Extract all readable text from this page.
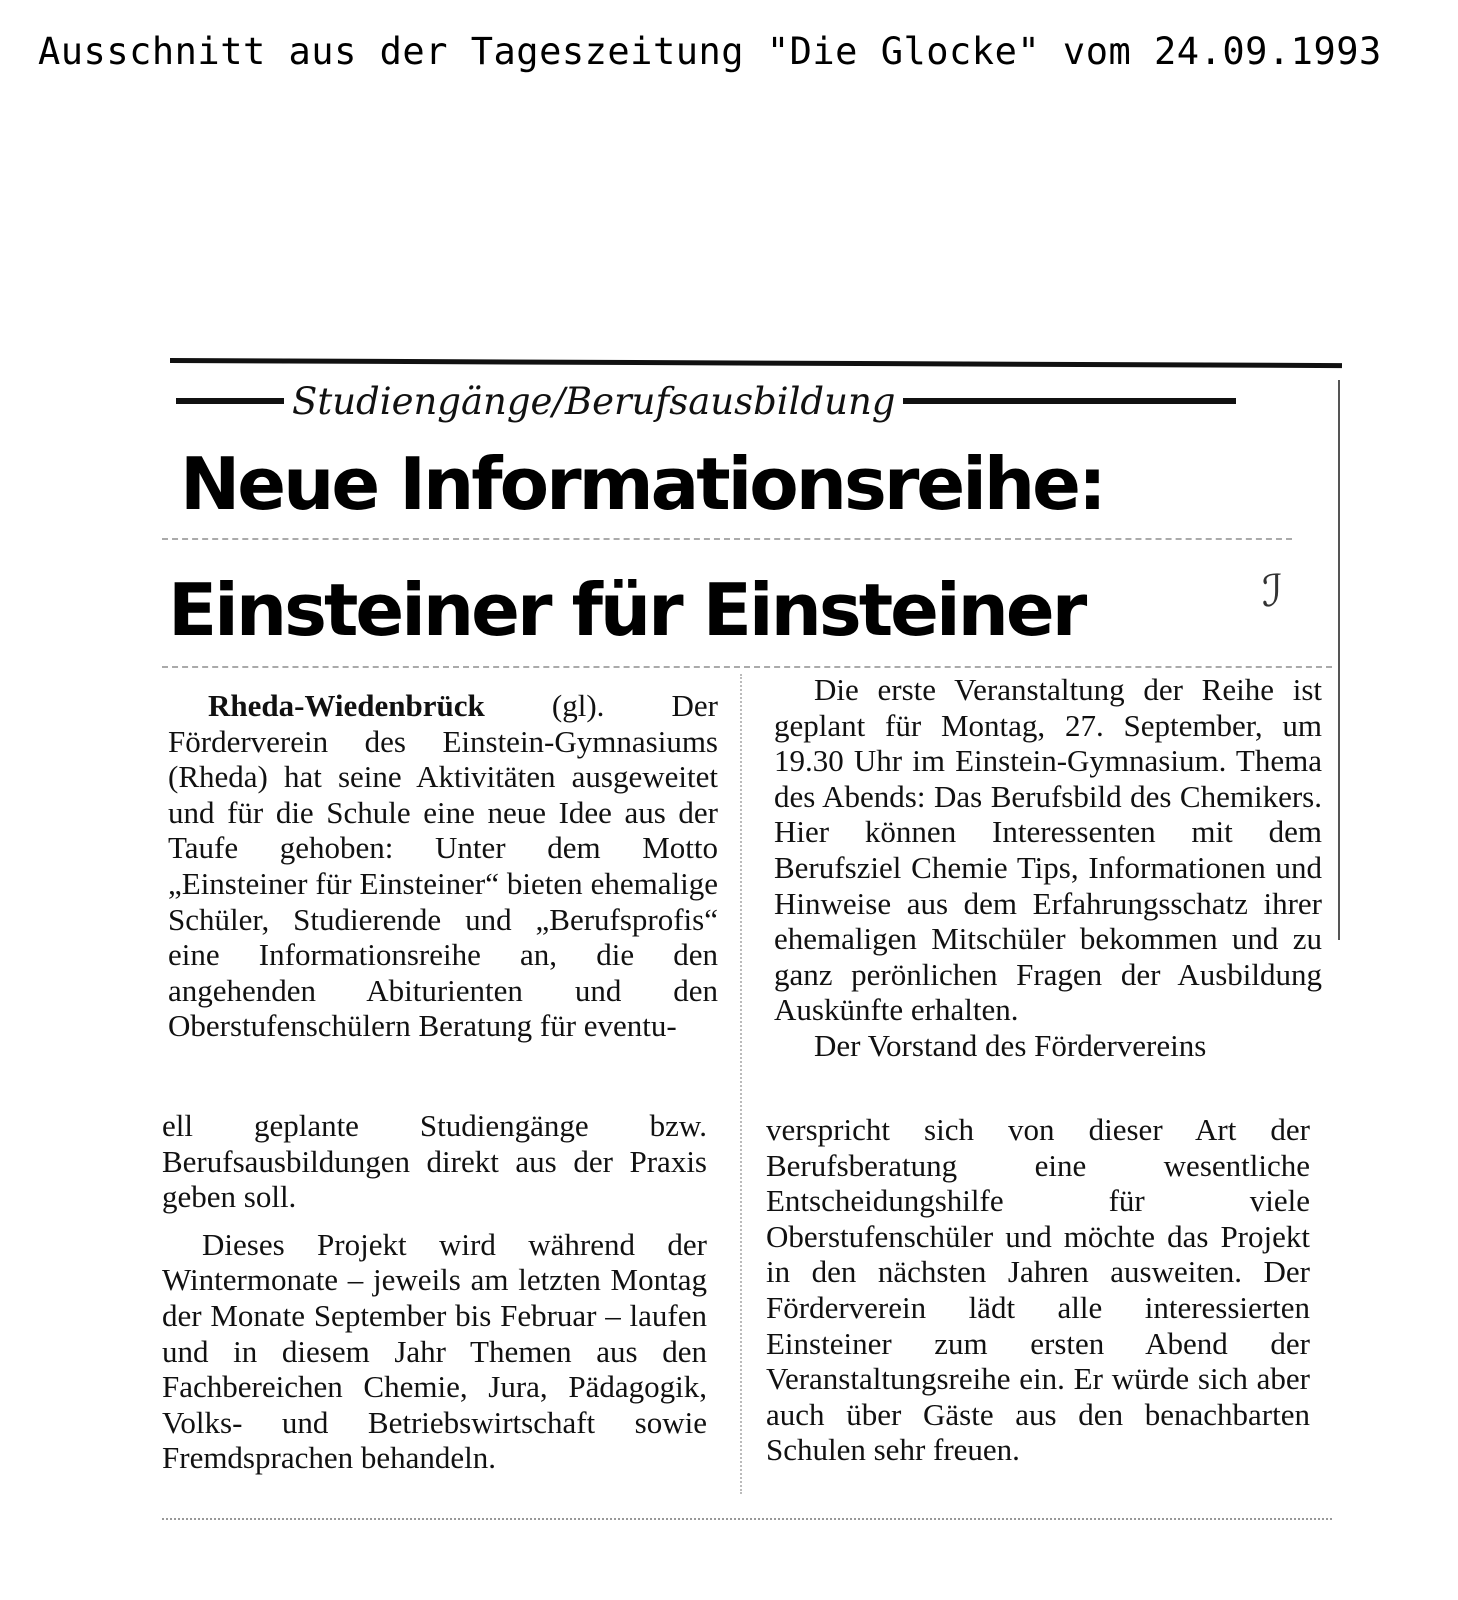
Ausschnitt aus der Tageszeitung "Die Glocke" vom 24.09.1993
Studiengänge/Berufsausbildung
Neue Informationsreihe:
Einsteiner für Einsteiner	ℐ

Rheda-Wiedenbrück (gl). Der Förderverein des Einstein-Gymnasiums (Rheda) hat seine Aktivitäten ausgeweitet und für die Schule eine neue Idee aus der Taufe gehoben: Unter dem Motto „Einsteiner für Einsteiner“ bieten ehemalige Schüler, Studierende und „Berufsprofis“ eine Informationsreihe an, die den angehenden Abiturienten und den Oberstufenschülern Beratung für eventu-

ell geplante Studiengänge bzw. Berufsausbildungen direkt aus der Praxis geben soll.

Dieses Projekt wird während der Wintermonate – jeweils am letzten Montag der Monate September bis Februar – laufen und in diesem Jahr Themen aus den Fachbereichen Chemie, Jura, Pädagogik, Volks- und Betriebswirtschaft sowie Fremdsprachen behandeln.

Die erste Veranstaltung der Reihe ist geplant für Montag, 27. September, um 19.30 Uhr im Einstein-Gymnasium. Thema des Abends: Das Berufsbild des Chemikers. Hier können Interessenten mit dem Berufsziel Chemie Tips, Informationen und Hinweise aus dem Erfahrungsschatz ihrer ehemaligen Mitschüler bekommen und zu ganz perönlichen Fragen der Ausbildung Auskünfte erhalten.

Der Vorstand des Fördervereins

verspricht sich von dieser Art der Berufsberatung eine wesentliche Entscheidungshilfe für viele Oberstufenschüler und möchte das Projekt in den nächsten Jahren ausweiten. Der Förderverein lädt alle interessierten Einsteiner zum ersten Abend der Veranstaltungsreihe ein. Er würde sich aber auch über Gäste aus den benachbarten Schulen sehr freuen.
